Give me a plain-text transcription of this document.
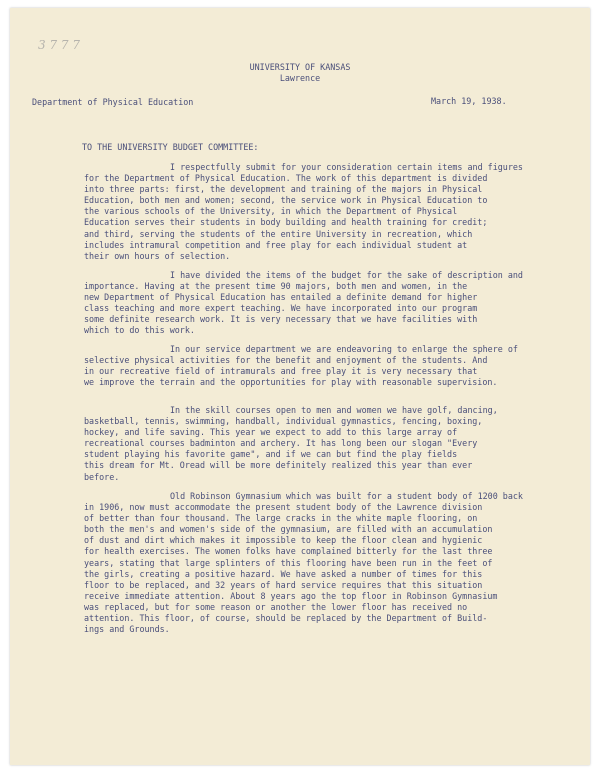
3 7 7 7
UNIVERSITY OF KANSAS
Lawrence
Department of Physical Education	March 19, 1938.
TO THE UNIVERSITY BUDGET COMMITTEE:
I respectfully submit for your consideration certain items and figures
for the Department of Physical Education. The work of this department is divided
into three parts: first, the development and training of the majors in Physical
Education, both men and women; second, the service work in Physical Education to
the various schools of the University, in which the Department of Physical
Education serves their students in body building and health training for credit;
and third, serving the students of the entire University in recreation, which
includes intramural competition and free play for each individual student at
their own hours of selection.
I have divided the items of the budget for the sake of description and
importance. Having at the present time 90 majors, both men and women, in the
new Department of Physical Education has entailed a definite demand for higher
class teaching and more expert teaching. We have incorporated into our program
some definite research work. It is very necessary that we have facilities with
which to do this work.
In our service department we are endeavoring to enlarge the sphere of
selective physical activities for the benefit and enjoyment of the students. And
in our recreative field of intramurals and free play it is very necessary that
we improve the terrain and the opportunities for play with reasonable supervision.
In the skill courses open to men and women we have golf, dancing,
basketball, tennis, swimming, handball, individual gymnastics, fencing, boxing,
hockey, and life saving. This year we expect to add to this large array of
recreational courses badminton and archery. It has long been our slogan "Every
student playing his favorite game", and if we can but find the play fields
this dream for Mt. Oread will be more definitely realized this year than ever
before.
Old Robinson Gymnasium which was built for a student body of 1200 back
in 1906, now must accommodate the present student body of the Lawrence division
of better than four thousand. The large cracks in the white maple flooring, on
both the men's and women's side of the gymnasium, are filled with an accumulation
of dust and dirt which makes it impossible to keep the floor clean and hygienic
for health exercises. The women folks have complained bitterly for the last three
years, stating that large splinters of this flooring have been run in the feet of
the girls, creating a positive hazard. We have asked a number of times for this
floor to be replaced, and 32 years of hard service requires that this situation
receive immediate attention. About 8 years ago the top floor in Robinson Gymnasium
was replaced, but for some reason or another the lower floor has received no
attention. This floor, of course, should be replaced by the Department of Build-
ings and Grounds.
